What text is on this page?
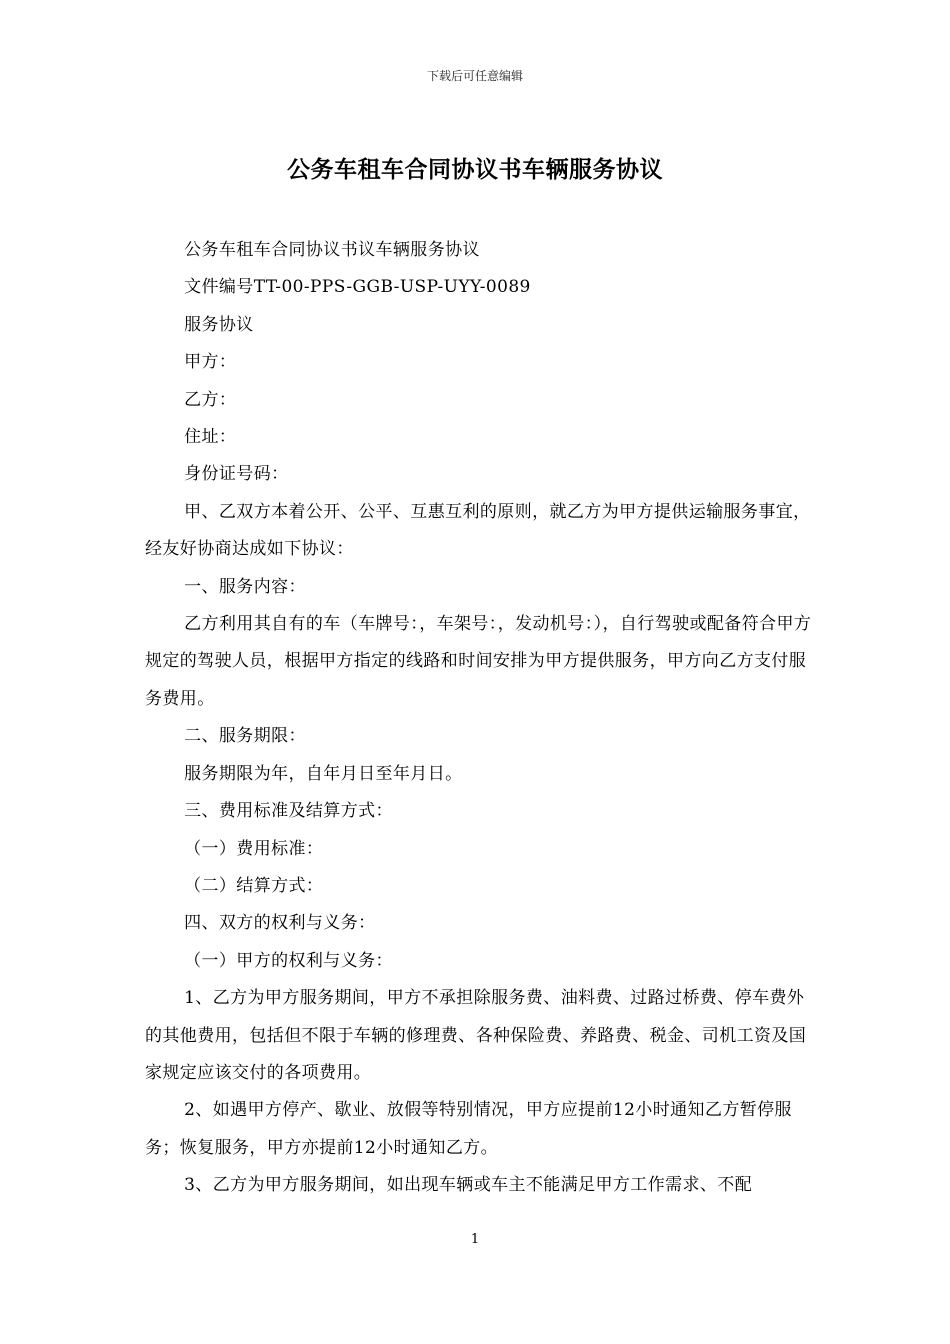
下载后可任意编辑
公务车租车合同协议书车辆服务协议

公务车租车合同协议书议车辆服务协议

文件编号TT-00-PPS-GGB-USP-UYY-0089

服务协议

甲方：

乙方：

住址：

身份证号码：

甲、乙双方本着公开、公平、互惠互利的原则，就乙方为甲方提供运输服务事宜，经友好协商达成如下协议：

一、服务内容：

乙方利用其自有的车（车牌号：，车架号：，发动机号：），自行驾驶或配备符合甲方规定的驾驶人员，根据甲方指定的线路和时间安排为甲方提供服务，甲方向乙方支付服务费用。

二、服务期限：

服务期限为年，自年月日至年月日。

三、费用标准及结算方式：

（一）费用标准：

（二）结算方式：

四、双方的权利与义务：

（一）甲方的权利与义务：

1、乙方为甲方服务期间，甲方不承担除服务费、油料费、过路过桥费、停车费外的其他费用，包括但不限于车辆的修理费、各种保险费、养路费、税金、司机工资及国家规定应该交付的各项费用。

2、如遇甲方停产、歇业、放假等特别情况，甲方应提前12小时通知乙方暂停服务；恢复服务，甲方亦提前12小时通知乙方。

3、乙方为甲方服务期间，如出现车辆或车主不能满足甲方工作需求、不配

1
